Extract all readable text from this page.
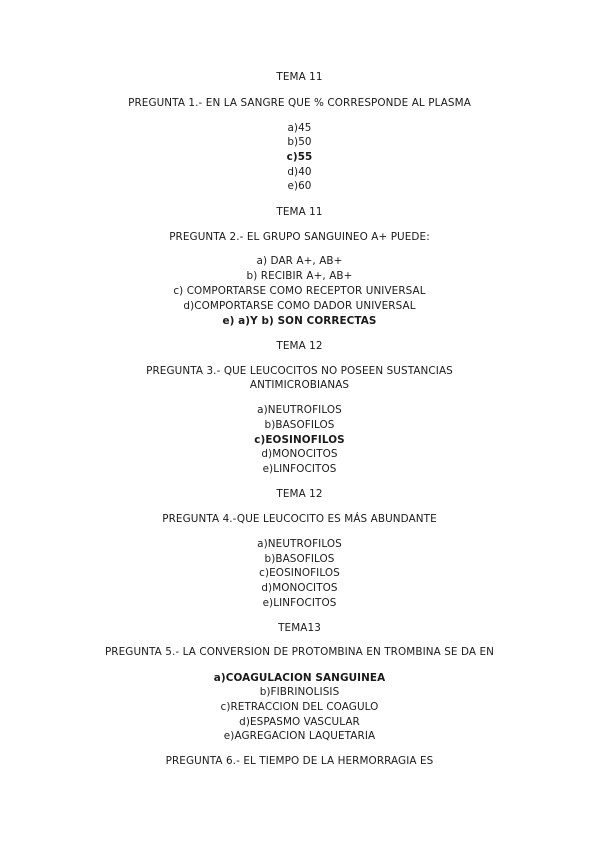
TEMA 11
PREGUNTA 1.- EN LA SANGRE QUE % CORRESPONDE AL PLASMA
a)45
b)50
c)55
d)40
e)60
TEMA 11
PREGUNTA 2.- EL GRUPO SANGUINEO A+ PUEDE:
a) DAR A+, AB+
b) RECIBIR A+, AB+
c) COMPORTARSE COMO RECEPTOR UNIVERSAL
d)COMPORTARSE COMO DADOR UNIVERSAL
e) a)Y b) SON CORRECTAS
TEMA 12
PREGUNTA 3.- QUE LEUCOCITOS NO POSEEN SUSTANCIAS
ANTIMICROBIANAS
a)NEUTROFILOS
b)BASOFILOS
c)EOSINOFILOS
d)MONOCITOS
e)LINFOCITOS
TEMA 12
PREGUNTA 4.-QUE LEUCOCITO ES MÁS ABUNDANTE
a)NEUTROFILOS
b)BASOFILOS
c)EOSINOFILOS
d)MONOCITOS
e)LINFOCITOS
TEMA13
PREGUNTA 5.- LA CONVERSION DE PROTOMBINA EN TROMBINA SE DA EN
a)COAGULACION SANGUINEA
b)FIBRINOLISIS
c)RETRACCION DEL COAGULO
d)ESPASMO VASCULAR
e)AGREGACION LAQUETARIA
PREGUNTA 6.- EL TIEMPO DE LA HERMORRAGIA ES
